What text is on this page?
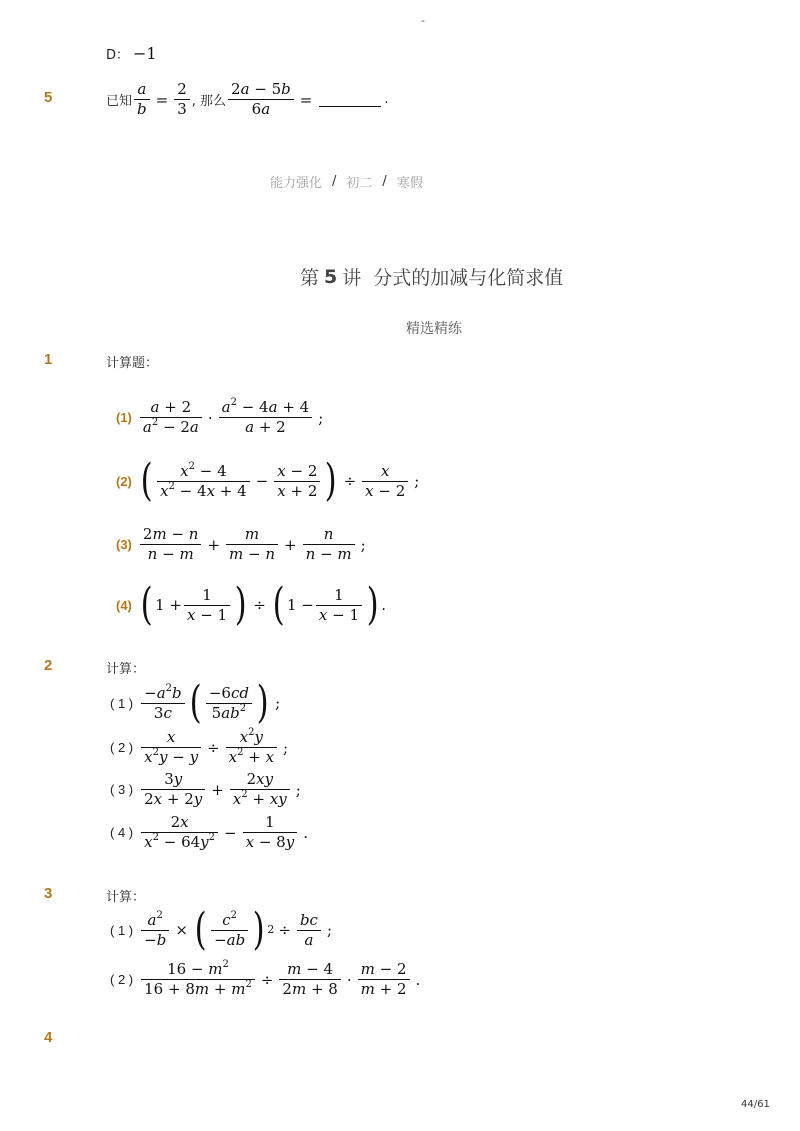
-
D： −1
5	已知 $\frac{a}{b} = \frac{2}{3}$ , 那么 $\frac{2a - 5b}{6a}$ =	.
能力强化 / 初二 / 寒假
第 5 讲 分式的加减与化简求值
精选精练
1	计算题：
$(1) \frac{a + 2}{a^2 - 2a} \cdot \frac{a^2 - 4a + 4}{a + 2}$ ;
(2) ( $\frac{x^2 - 4}{x^2 - 4x + 4} - \frac{x - 2}{x + 2}$ ) ÷ $\frac{x}{x - 2}$ ;
$(3) \frac{2m - n}{n - m} + \frac{m}{m - n} + \frac{n}{n - m}$ ;
(4) ( $1 + \frac{1}{x - 1}$ ) ÷ ( $1 - \frac{1}{x - 1}$ ) .
2	计算：
( 1 ) $\frac{-a^2b}{3c}$ ( $\frac{-6cd}{5ab^2}$ ) ;
( 2 ) $\frac{x}{x^2y - y} \div \frac{x^2y}{x^2 + x}$ ;
( 3 ) $\frac{3y}{2x + 2y} + \frac{2xy}{x^2 + xy}$ ;
( 4 ) $\frac{2x}{x^2 - 64y^2} - \frac{1}{x - 8y}$ .
3	计算：
( 1 ) $\frac{a^2}{-b}$ × ( $\frac{c^2}{-ab}$ ) $2 \div \frac{bc}{a}$ ;
( 2 ) $\frac{16 - m^2}{16 + 8m + m^2} \div \frac{m - 4}{2m + 8} \cdot \frac{m - 2}{m + 2}$ .
4
44/61
